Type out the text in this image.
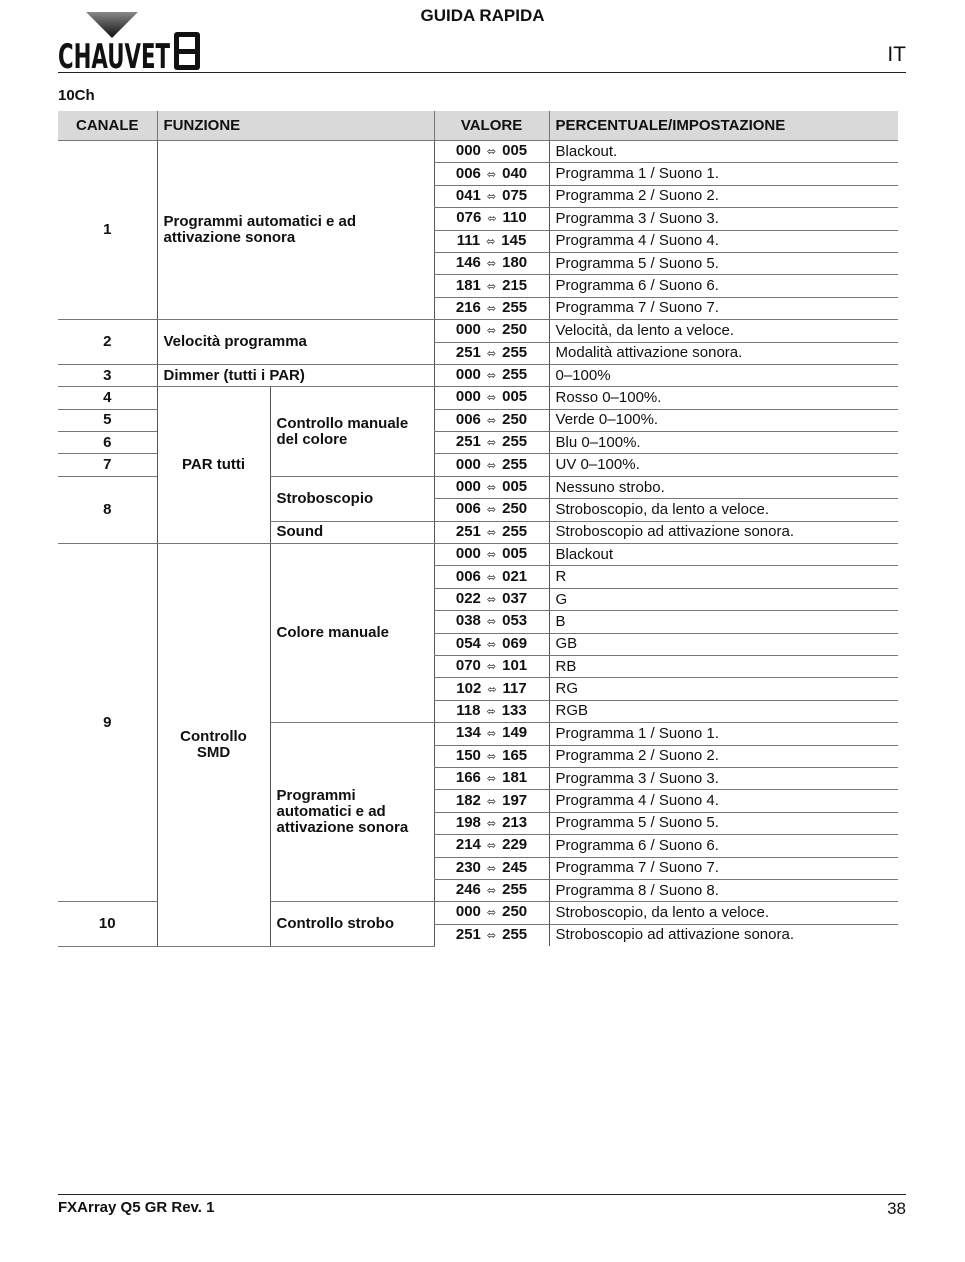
CHAUVET
GUIDA RAPIDA
IT
10Ch
CANALE	FUNZIONE		VALORE	PERCENTUALE/IMPOSTAZIONE
1	Programmi automatici e ad attivazione sonora		000 ⬄ 005	Blackout.
			006 ⬄ 040	Programma 1 / Suono 1.
			041 ⬄ 075	Programma 2 / Suono 2.
			076 ⬄ 110	Programma 3 / Suono 3.
			111 ⬄ 145	Programma 4 / Suono 4.
			146 ⬄ 180	Programma 5 / Suono 5.
			181 ⬄ 215	Programma 6 / Suono 6.
			216 ⬄ 255	Programma 7 / Suono 7.
2	Velocità programma		000 ⬄ 250	Velocità, da lento a veloce.
			251 ⬄ 255	Modalità attivazione sonora.
3	Dimmer (tutti i PAR)		000 ⬄ 255	0–100%
4	PAR tutti	Controllo manuale del colore	000 ⬄ 005	Rosso 0–100%.
5			006 ⬄ 250	Verde 0–100%.
6			251 ⬄ 255	Blu 0–100%.
7			000 ⬄ 255	UV 0–100%.
8		Stroboscopio	000 ⬄ 005	Nessuno strobo.
			006 ⬄ 250	Stroboscopio, da lento a veloce.
		Sound	251 ⬄ 255	Stroboscopio ad attivazione sonora.
9	Controllo SMD	Colore manuale	000 ⬄ 005	Blackout
			006 ⬄ 021	R
			022 ⬄ 037	G
			038 ⬄ 053	B
			054 ⬄ 069	GB
			070 ⬄ 101	RB
			102 ⬄ 117	RG
			118 ⬄ 133	RGB
		Programmi automatici e ad attivazione sonora	134 ⬄ 149	Programma 1 / Suono 1.
			150 ⬄ 165	Programma 2 / Suono 2.
			166 ⬄ 181	Programma 3 / Suono 3.
			182 ⬄ 197	Programma 4 / Suono 4.
			198 ⬄ 213	Programma 5 / Suono 5.
			214 ⬄ 229	Programma 6 / Suono 6.
			230 ⬄ 245	Programma 7 / Suono 7.
			246 ⬄ 255	Programma 8 / Suono 8.
10		Controllo strobo	000 ⬄ 250	Stroboscopio, da lento a veloce.
			251 ⬄ 255	Stroboscopio ad attivazione sonora.
FXArray Q5 GR Rev. 1	38
